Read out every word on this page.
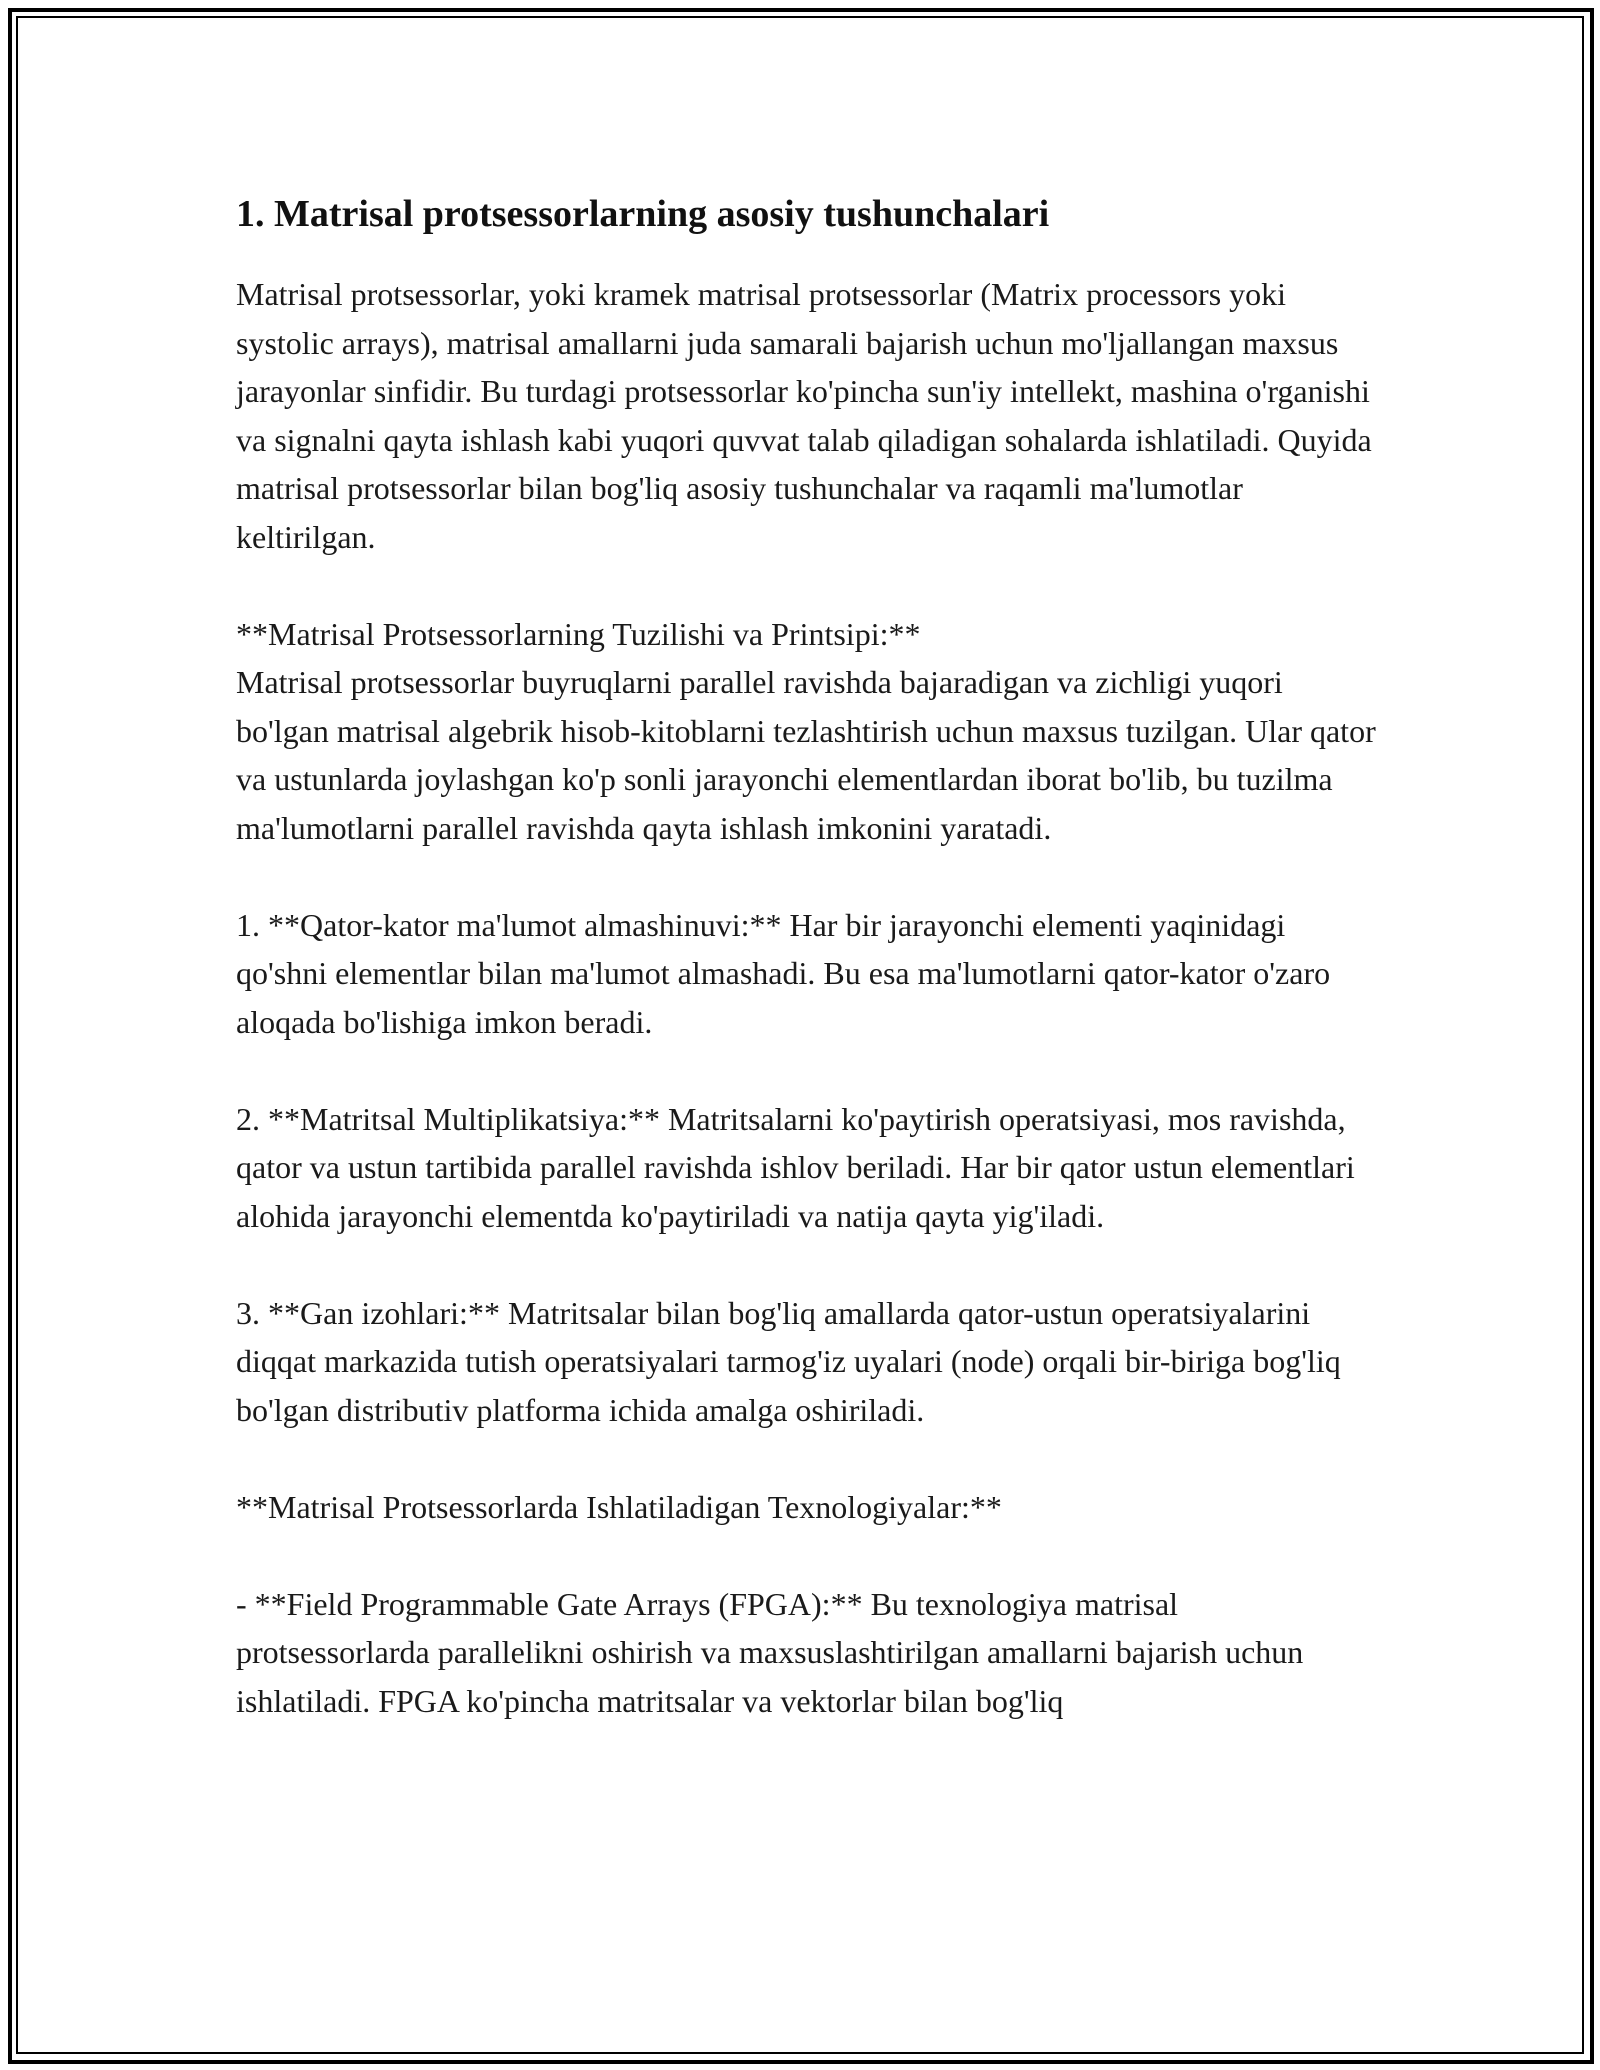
1. Matrisal protsessorlarning asosiy tushunchalari
Matrisal protsessorlar, yoki kramek matrisal protsessorlar (Matrix processors yoki systolic arrays), matrisal amallarni juda samarali bajarish uchun mo'ljallangan maxsus jarayonlar sinfidir. Bu turdagi protsessorlar ko'pincha sun'iy intellekt, mashina o'rganishi va signalni qayta ishlash kabi yuqori quvvat talab qiladigan sohalarda ishlatiladi. Quyida matrisal protsessorlar bilan bog'liq asosiy tushunchalar va raqamli ma'lumotlar keltirilgan.
**Matrisal Protsessorlarning Tuzilishi va Printsipi:**
Matrisal protsessorlar buyruqlarni parallel ravishda bajaradigan va zichligi yuqori bo'lgan matrisal algebrik hisob-kitoblarni tezlashtirish uchun maxsus tuzilgan. Ular qator va ustunlarda joylashgan ko'p sonli jarayonchi elementlardan iborat bo'lib, bu tuzilma ma'lumotlarni parallel ravishda qayta ishlash imkonini yaratadi.
1. **Qator-kator ma'lumot almashinuvi:** Har bir jarayonchi elementi yaqinidagi qo'shni elementlar bilan ma'lumot almashadi. Bu esa ma'lumotlarni qator-kator o'zaro aloqada bo'lishiga imkon beradi.
2. **Matritsal Multiplikatsiya:** Matritsalarni ko'paytirish operatsiyasi, mos ravishda, qator va ustun tartibida parallel ravishda ishlov beriladi. Har bir qator ustun elementlari alohida jarayonchi elementda ko'paytiriladi va natija qayta yig'iladi.
3. **Gan izohlari:** Matritsalar bilan bog'liq amallarda qator-ustun operatsiyalarini diqqat markazida tutish operatsiyalari tarmog'iz uyalari (node) orqali bir-biriga bog'liq bo'lgan distributiv platforma ichida amalga oshiriladi.
**Matrisal Protsessorlarda Ishlatiladigan Texnologiyalar:**
- **Field Programmable Gate Arrays (FPGA):** Bu texnologiya matrisal protsessorlarda parallelikni oshirish va maxsuslashtirilgan amallarni bajarish uchun ishlatiladi. FPGA ko'pincha matritsalar va vektorlar bilan bog'liq
